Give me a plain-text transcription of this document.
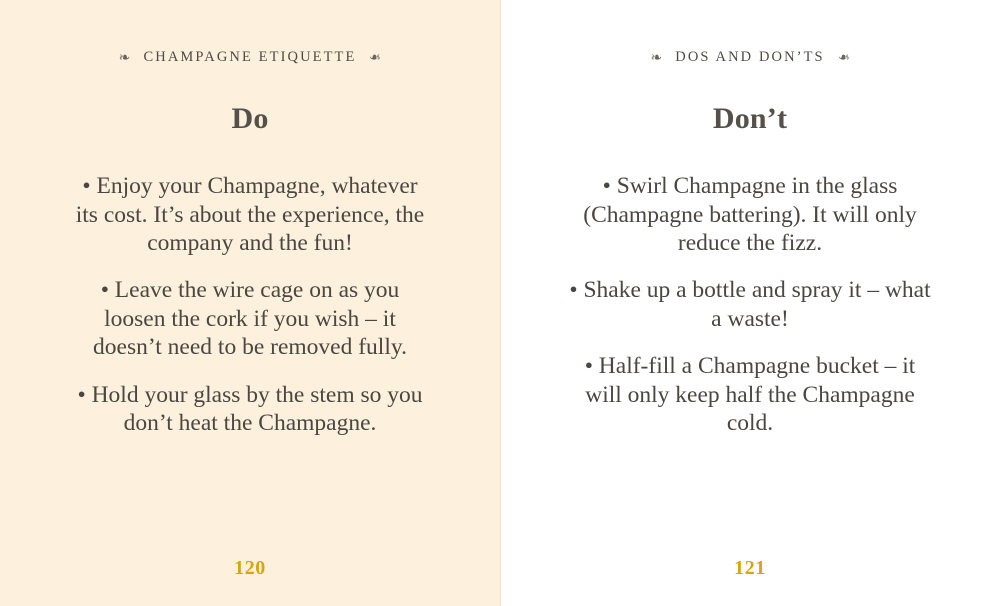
❧ CHAMPAGNE ETIQUETTE ❧
Do

• Enjoy your Champagne, whatever its cost. It’s about the experience, the company and the fun!

• Leave the wire cage on as you loosen the cork if you wish – it doesn’t need to be removed fully.

• Hold your glass by the stem so you don’t heat the Champagne.

120
❧ DOS AND DON’TS ❧
Don’t

• Swirl Champagne in the glass (Champagne battering). It will only reduce the fizz.

• Shake up a bottle and spray it – what a waste!

• Half-fill a Champagne bucket – it will only keep half the Champagne cold.

121
